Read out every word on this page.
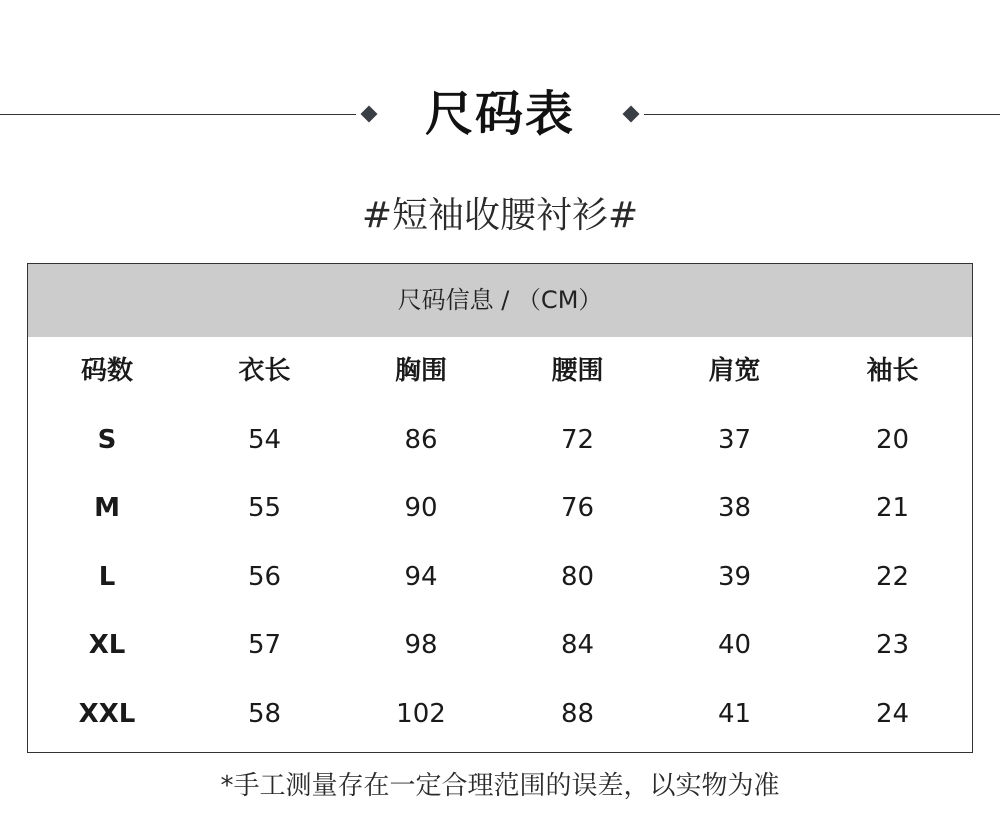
尺码表
#短袖收腰衬衫#
尺码信息 / （CM）
码数	衣长	胸围	腰围	肩宽	袖长
S	54	86	72	37	20
M	55	90	76	38	21
L	56	94	80	39	22
XL	57	98	84	40	23
XXL	58	102	88	41	24
*手工测量存在一定合理范围的误差，以实物为准
